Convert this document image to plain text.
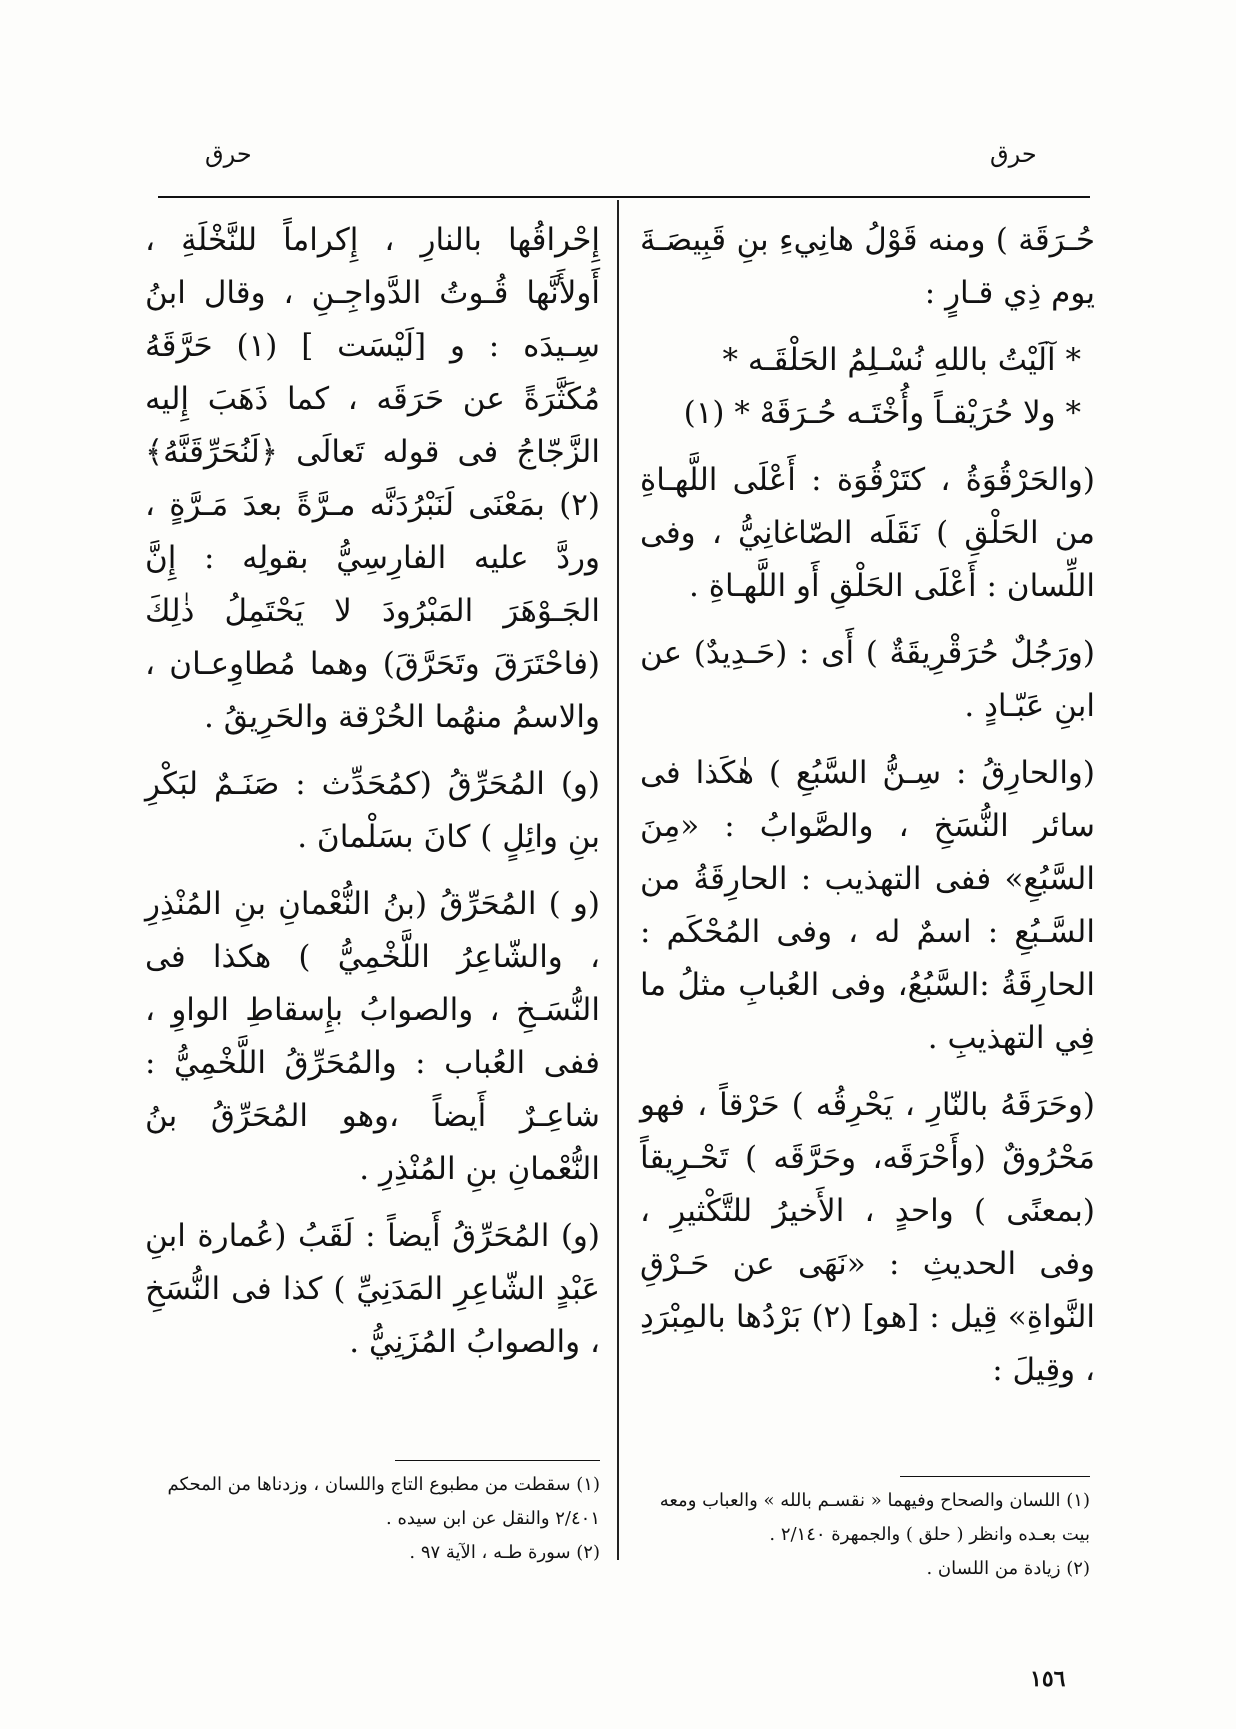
حرق
حرق

حُـرَقَة ) ومنه قَوْلُ هانِيءِ بنِ قَبِيصَـةَ يوم ذِي قـارٍ :

* آلَيْتُ باللهِ نُسْـلِمُ الحَلْقَـه *

* ولا حُرَيْقـاً وأُخْتَـه حُـرَقَهْ * (١)

(والحَرْقُوَةُ ، كتَرْقُوَة : أَعْلَى اللَّهـاةِ من الحَلْقِ ) نَقَلَه الصّاغانِيُّ ، وفى اللِّسان : أَعْلَى الحَلْقِ أَو اللَّهـاةِ .

(ورَجُلٌ حُرَقْرِيقَةٌ ) أَى : (حَـدِيدٌ) عن ابنِ عَبّـادٍ .

(والحارِقُ : سِـنُّ السَّبُعِ ) هٰكَذا فى سائر النُّسَخِ ، والصَّوابُ : «مِنَ السَّبُعِ» ففى التهذيب : الحارِقَةُ من السَّـبُعِ : اسمٌ له ، وفى المُحْكَم : الحارِقَةُ :السَّبُعُ، وفى العُبابِ مثلُ ما فِي التهذيبِ .

(وحَرَقَهُ بالنّارِ ، يَحْرِقُه ) حَرْقاً ، فهو مَحْرُوقٌ (وأَحْرَقَه، وحَرَّقَه ) تَحْـرِيقاً (بمعنًى ) واحدٍ ، الأَخيرُ للتَّكْثيرِ ، وفى الحديثِ : «نَهَى عن حَـرْقِ النَّواةِ» قِيل : [هو] (٢) بَرْدُها بالمِبْرَدِ ، وقِيلَ :

إِحْراقُها بالنارِ ، إِكراماً للنَّخْلَةِ ، أَولأَنَّها قُـوتُ الدَّواجِـنِ ، وقال ابنُ سِـيدَه : و [لَيْسَت ] (١) حَرَّقَهُ مُكَثَّرَةً عن حَرَقَه ، كما ذَهَبَ إِليه الزَّجّاجُ فى قوله تَعالَى ﴿لَنُحَرِّقَنَّهُ﴾ (٢) بمَعْنَى لَنَبْرُدَنَّه مـرَّةً بعدَ مَـرَّةٍ ، وردَّ عليه الفارِسِيُّ بقولِه : إِنَّ الجَـوْهَرَ المَبْرُودَ لا يَحْتَمِلُ ذٰلِكَ (فاحْتَرَقَ وتَحَرَّقَ) وهما مُطاوِعـان ، والاسمُ منهُما الحُرْقة والحَرِيقُ .

(و) المُحَرِّقُ (كمُحَدِّث : صَنَـمٌ لبَكْرِ بنِ وائِلٍ ) كانَ بسَلْمانَ .

(و ) المُحَرِّقُ (بنُ النُّعْمانِ بنِ المُنْذِرِ ، والشّاعِرُ اللَّخْمِيُّ ) هكذا فى النُّسَـخِ ، والصوابُ بإِسقاطِ الواوِ ، ففى العُباب : والمُحَرِّقُ اللَّخْمِيُّ : شاعِـرٌ أَيضاً ،وهو المُحَرِّقُ بنُ النُّعْمانِ بنِ المُنْذِرِ .

(و) المُحَرِّقُ أَيضاً : لَقَبُ (عُمارة ابنِ عَبْدٍ الشّاعِرِ المَدَنِيِّ ) كذا فى النُّسَخِ ، والصوابُ المُزَنِيُّ .

(١) اللسان والصحاح وفيهما « نقسـم بالله » والعباب ومعه بيت بعـده وانظر ( حلق ) والجمهرة ٢/١٤٠ .

(٢) زيادة من اللسان .

(١) سقطت من مطبوع التاج واللسان ، وزدناها من المحكم ٢/٤٠١ والنقل عن ابن سيده .

(٢) سورة طـه ، الآية ٩٧ .

١٥٦
